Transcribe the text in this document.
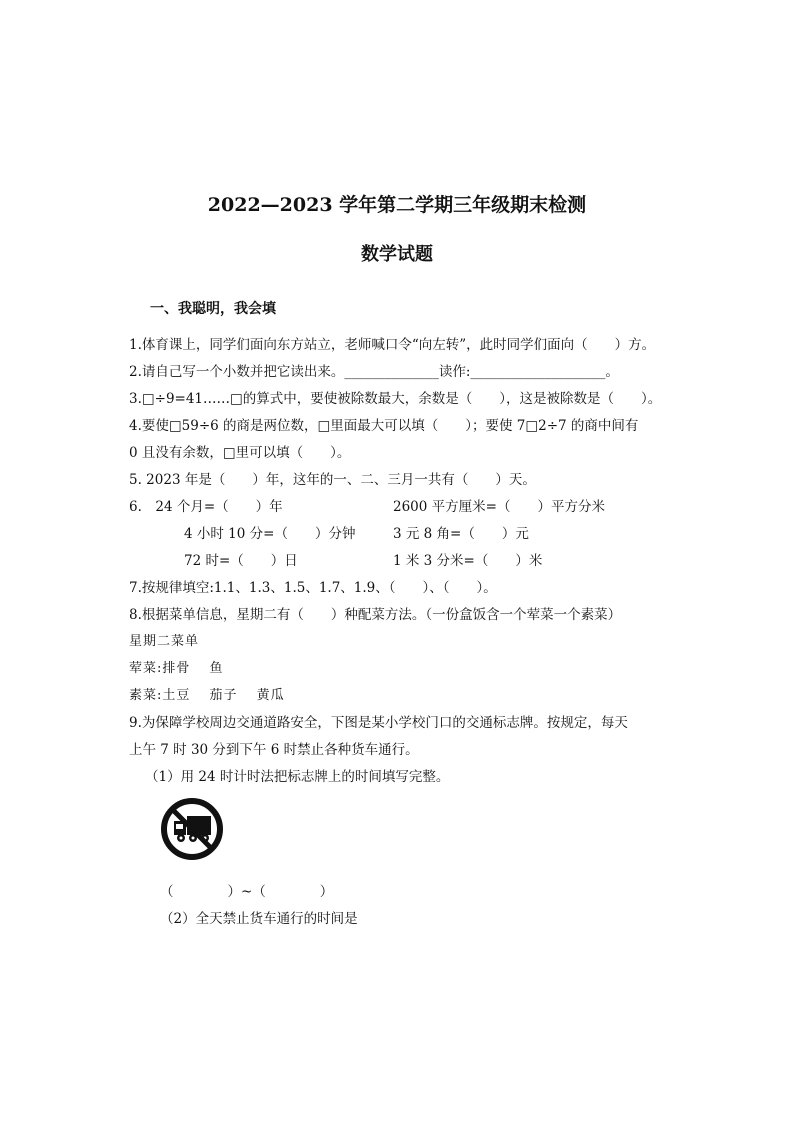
2022—2023 学年第二学期三年级期末检测
数学试题
一、我聪明，我会填
1.体育课上，同学们面向东方站立，老师喊口令“向左转”，此时同学们面向（　　）方。
2.请自己写一个小数并把它读出来。______________读作:____________________。
3.□÷9=41……□的算式中，要使被除数最大，余数是（　　），这是被除数是（　　）。
4.要使□59÷6 的商是两位数，□里面最大可以填（　　）；要使 7□2÷7 的商中间有
0 且没有余数，□里可以填（　　）。
5. 2023 年是（　　）年，这年的一、二、三月一共有（　　）天。
6.　24 个月=（　　）年	2600 平方厘米=（　　）平方分米
4 小时 10 分=（　　）分钟	3 元 8 角=（　　）元
72 时=（　　）日	1 米 3 分米=（　　）米
7.按规律填空:1.1、1.3、1.5、1.7、1.9、（　　）、（　　）。
8.根据菜单信息，星期二有（　　）种配菜方法。（一份盒饭含一个荤菜一个素菜）
星期二菜单
荤菜:排骨　 鱼
素菜:土豆　 茄子　 黄瓜
9.为保障学校周边交通道路安全，下图是某小学校门口的交通标志牌。按规定，每天
上午 7 时 30 分到下午 6 时禁止各种货车通行。
（1）用 24 时计时法把标志牌上的时间填写完整。
（　　　　）~（　　　　）
（2）全天禁止货车通行的时间是
